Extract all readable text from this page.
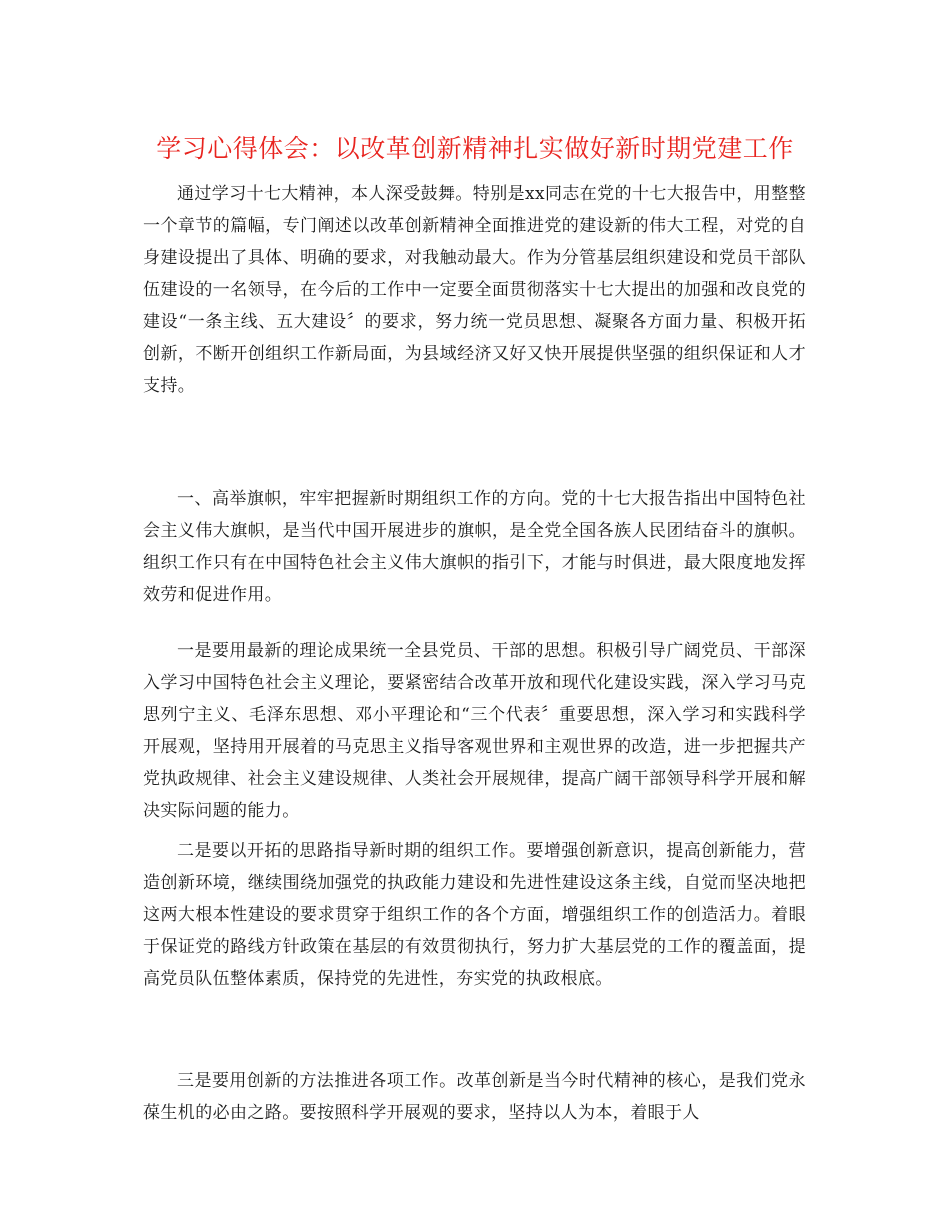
学习心得体会：以改革创新精神扎实做好新时期党建工作

通过学习十七大精神，本人深受鼓舞。特别是xx同志在党的十七大报告中，用整整一个章节的篇幅，专门阐述以改革创新精神全面推进党的建设新的伟大工程，对党的自身建设提出了具体、明确的要求，对我触动最大。作为分管基层组织建设和党员干部队伍建设的一名领导，在今后的工作中一定要全面贯彻落实十七大提出的加强和改良党的建设“一条主线、五大建设〞的要求，努力统一党员思想、凝聚各方面力量、积极开拓创新，不断开创组织工作新局面，为县域经济又好又快开展提供坚强的组织保证和人才支持。

一、高举旗帜，牢牢把握新时期组织工作的方向。党的十七大报告指出中国特色社会主义伟大旗帜，是当代中国开展进步的旗帜，是全党全国各族人民团结奋斗的旗帜。组织工作只有在中国特色社会主义伟大旗帜的指引下，才能与时俱进，最大限度地发挥效劳和促进作用。

一是要用最新的理论成果统一全县党员、干部的思想。积极引导广阔党员、干部深入学习中国特色社会主义理论，要紧密结合改革开放和现代化建设实践，深入学习马克思列宁主义、毛泽东思想、邓小平理论和“三个代表〞重要思想，深入学习和实践科学开展观，坚持用开展着的马克思主义指导客观世界和主观世界的改造，进一步把握共产党执政规律、社会主义建设规律、人类社会开展规律，提高广阔干部领导科学开展和解决实际问题的能力。

二是要以开拓的思路指导新时期的组织工作。要增强创新意识，提高创新能力，营造创新环境，继续围绕加强党的执政能力建设和先进性建设这条主线，自觉而坚决地把这两大根本性建设的要求贯穿于组织工作的各个方面，增强组织工作的创造活力。着眼于保证党的路线方针政策在基层的有效贯彻执行，努力扩大基层党的工作的覆盖面，提高党员队伍整体素质，保持党的先进性，夯实党的执政根底。

三是要用创新的方法推进各项工作。改革创新是当今时代精神的核心，是我们党永葆生机的必由之路。要按照科学开展观的要求，坚持以人为本，着眼于人
